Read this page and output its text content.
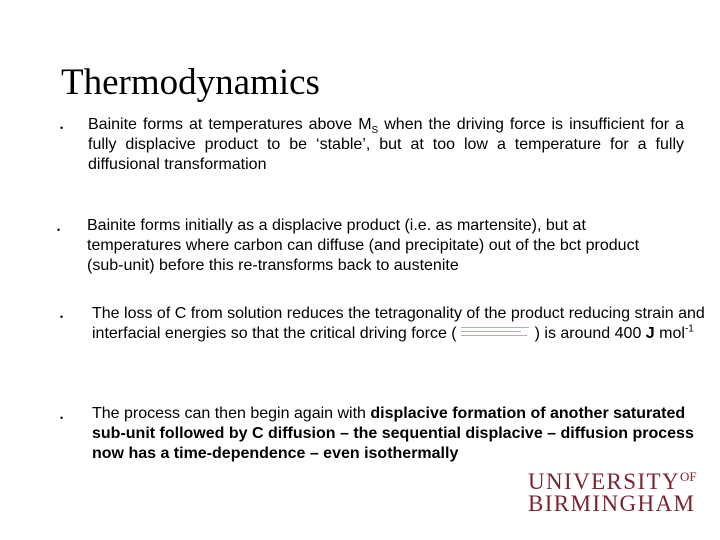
Thermodynamics
• Bainite forms at temperatures above $M_S$ when the driving force is insufficient for a fully displacive product to be ‘stable’, but at too low a temperature for a fully diffusional transformation
• Bainite forms initially as a displacive product (i.e. as martensite), but at temperatures where carbon can diffuse (and precipitate) out of the bct product (sub-unit) before this re-transforms back to austenite
• The loss of C from solution reduces the tetragonality of the product reducing strain and interfacial energies so that the critical driving force (	) is around 400 J mol$^{-1}$
• The process can then begin again with displacive formation of another saturated sub-unit followed by C diffusion – the sequential displacive – diffusion process now has a time-dependence – even isothermally
$UNIVERSITY^{OF}$
BIRMINGHAM
